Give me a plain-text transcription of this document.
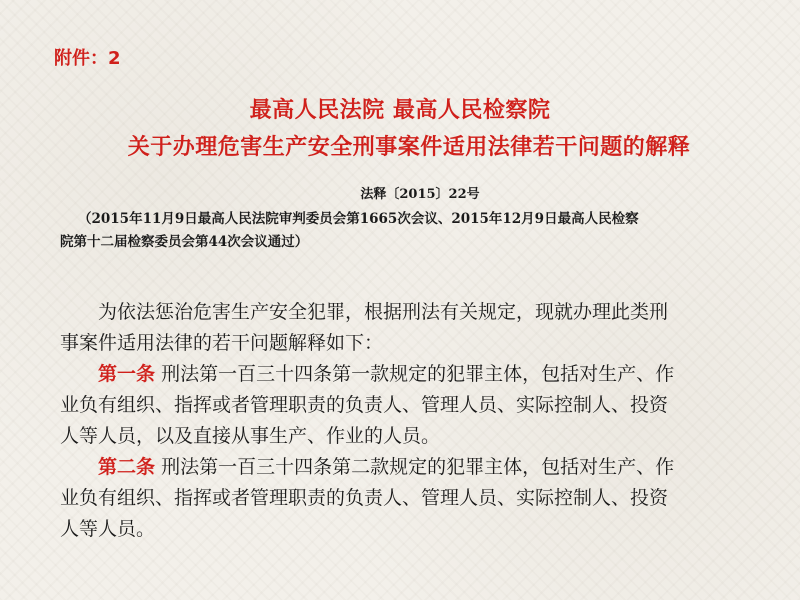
附件：2
最高人民法院 最高人民检察院
关于办理危害生产安全刑事案件适用法律若干问题的解释
法释〔2015〕22号
（2015年11月9日最高人民法院审判委员会第1665次会议、2015年12月9日最高人民检察
院第十二届检察委员会第44次会议通过）

　　为依法惩治危害生产安全犯罪，根据刑法有关规定，现就办理此类刑
事案件适用法律的若干问题解释如下：

　　第一条 刑法第一百三十四条第一款规定的犯罪主体，包括对生产、作
业负有组织、指挥或者管理职责的负责人、管理人员、实际控制人、投资
人等人员，以及直接从事生产、作业的人员。

　　第二条 刑法第一百三十四条第二款规定的犯罪主体，包括对生产、作
业负有组织、指挥或者管理职责的负责人、管理人员、实际控制人、投资
人等人员。
